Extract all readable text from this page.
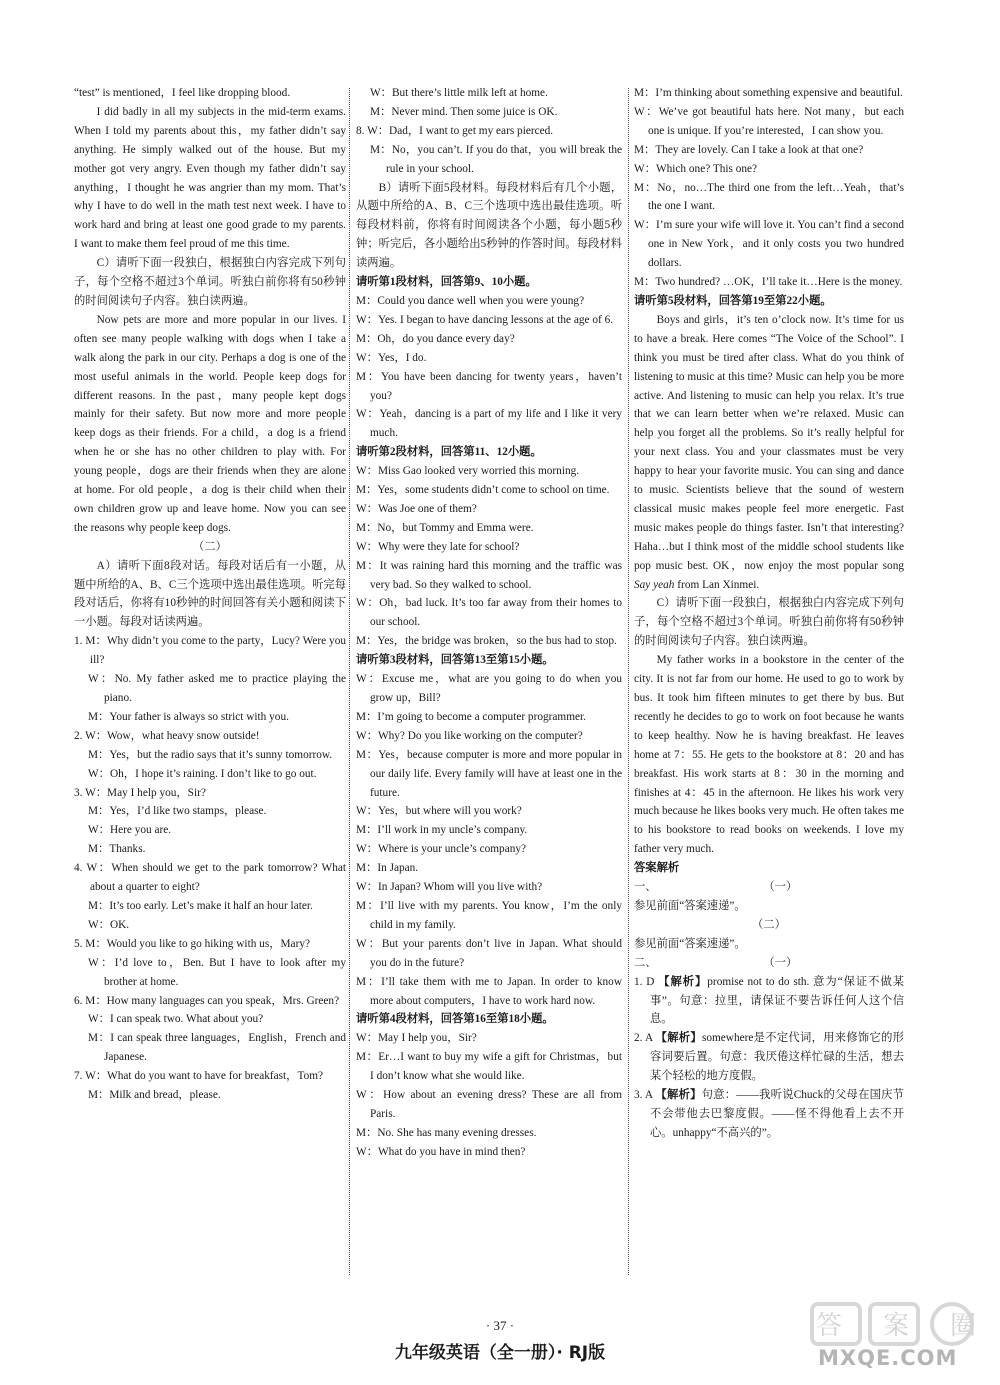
“test” is mentioned，I feel like dropping blood.

I did badly in all my subjects in the mid-term exams. When I told my parents about this，my father didn’t say anything. He simply walked out of the house. But my mother got very angry. Even though my father didn’t say anything，I thought he was angrier than my mom. That’s why I have to do well in the math test next week. I have to work hard and bring at least one good grade to my parents. I want to make them feel proud of me this time.

C）请听下面一段独白，根据独白内容完成下列句子，每个空格不超过3个单词。听独白前你将有50秒钟的时间阅读句子内容。独白读两遍。

Now pets are more and more popular in our lives. I often see many people walking with dogs when I take a walk along the park in our city. Perhaps a dog is one of the most useful animals in the world. People keep dogs for different reasons. In the past，many people kept dogs mainly for their safety. But now more and more people keep dogs as their friends. For a child，a dog is a friend when he or she has no other children to play with. For young people，dogs are their friends when they are alone at home. For old people，a dog is their child when their own children grow up and leave home. Now you can see the reasons why people keep dogs.

（二）

A）请听下面8段对话。每段对话后有一小题，从题中所给的A、B、C三个选项中选出最佳选项。听完每段对话后，你将有10秒钟的时间回答有关小题和阅读下一小题。每段对话读两遍。

1. M：Why didn’t you come to the party，Lucy? Were you ill?

W：No. My father asked me to practice playing the piano.

M：Your father is always so strict with you.

2. W：Wow，what heavy snow outside!

M：Yes，but the radio says that it’s sunny tomorrow.

W：Oh，I hope it’s raining. I don’t like to go out.

3. W：May I help you，Sir?

M：Yes，I’d like two stamps，please.

W：Here you are.

M：Thanks.

4. W：When should we get to the park tomorrow? What about a quarter to eight?

M：It’s too early. Let’s make it half an hour later.

W：OK.

5. M：Would you like to go hiking with us，Mary?

W：I’d love to，Ben. But I have to look after my brother at home.

6. M：How many languages can you speak，Mrs. Green?

W：I can speak two. What about you?

M：I can speak three languages，English，French and Japanese.

7. W：What do you want to have for breakfast，Tom?

M：Milk and bread，please.

W：But there’s little milk left at home.

M：Never mind. Then some juice is OK.

8. W：Dad，I want to get my ears pierced.

M：No，you can’t. If you do that，you will break the rule in your school.

B）请听下面5段材料。每段材料后有几个小题，从题中所给的A、B、C三个选项中选出最佳选项。听每段材料前，你将有时间阅读各个小题，每小题5秒钟；听完后，各小题给出5秒钟的作答时间。每段材料读两遍。

请听第1段材料，回答第9、10小题。

M：Could you dance well when you were young?

W：Yes. I began to have dancing lessons at the age of 6.

M：Oh，do you dance every day?

W：Yes，I do.

M：You have been dancing for twenty years，haven’t you?

W：Yeah，dancing is a part of my life and I like it very much.

请听第2段材料，回答第11、12小题。

W：Miss Gao looked very worried this morning.

M：Yes，some students didn’t come to school on time.

W：Was Joe one of them?

M：No，but Tommy and Emma were.

W：Why were they late for school?

M：It was raining hard this morning and the traffic was very bad. So they walked to school.

W：Oh，bad luck. It’s too far away from their homes to our school.

M：Yes，the bridge was broken，so the bus had to stop.

请听第3段材料，回答第13至第15小题。

W：Excuse me，what are you going to do when you grow up，Bill?

M：I’m going to become a computer programmer.

W：Why? Do you like working on the computer?

M：Yes，because computer is more and more popular in our daily life. Every family will have at least one in the future.

W：Yes，but where will you work?

M：I’ll work in my uncle’s company.

W：Where is your uncle’s company?

M：In Japan.

W：In Japan? Whom will you live with?

M：I’ll live with my parents. You know，I’m the only child in my family.

W：But your parents don’t live in Japan. What should you do in the future?

M：I’ll take them with me to Japan. In order to know more about computers，I have to work hard now.

请听第4段材料，回答第16至第18小题。

W：May I help you，Sir?

M：Er…I want to buy my wife a gift for Christmas，but I don’t know what she would like.

W：How about an evening dress? These are all from Paris.

M：No. She has many evening dresses.

W：What do you have in mind then?

M：I’m thinking about something expensive and beautiful.

W：We’ve got beautiful hats here. Not many，but each one is unique. If you’re interested，I can show you.

M：They are lovely. Can I take a look at that one?

W：Which one? This one?

M：No，no…The third one from the left…Yeah，that’s the one I want.

W：I’m sure your wife will love it. You can’t find a second one in New York，and it only costs you two hundred dollars.

M：Two hundred? …OK，I’ll take it…Here is the money.

请听第5段材料，回答第19至第22小题。

Boys and girls，it’s ten o’clock now. It’s time for us to have a break. Here comes “The Voice of the School”. I think you must be tired after class. What do you think of listening to music at this time? Music can help you be more active. And listening to music can help you relax. It’s true that we can learn better when we’re relaxed. Music can help you forget all the problems. So it’s really helpful for your next class. You and your classmates must be very happy to hear your favorite music. You can sing and dance to music. Scientists believe that the sound of western classical music makes people feel more energetic. Fast music makes people do things faster. Isn’t that interesting? Haha…but I think most of the middle school students like pop music best. OK，now enjoy the most popular song Say yeah from Lan Xinmei.

C）请听下面一段独白，根据独白内容完成下列句子，每个空格不超过3个单词。听独白前你将有50秒钟的时间阅读句子内容。独白读两遍。

My father works in a bookstore in the center of the city. It is not far from our home. He used to go to work by bus. It took him fifteen minutes to get there by bus. But recently he decides to go to work on foot because he wants to keep healthy. Now he is having breakfast. He leaves home at 7：55. He gets to the bookstore at 8：20 and has breakfast. His work starts at 8：30 in the morning and finishes at 4：45 in the afternoon. He likes his work very much because he likes books very much. He often takes me to his bookstore to read books on weekends. I love my father very much.

答案解析

一、	（一）

参见前面“答案速递”。

（二）

参见前面“答案速递”。

二、	（一）

1. D 【解析】promise not to do sth. 意为“保证不做某事”。句意：拉里，请保证不要告诉任何人这个信息。

2. A 【解析】somewhere是不定代词，用来修饰它的形容词要后置。句意：我厌倦这样忙碌的生活，想去某个轻松的地方度假。

3. A 【解析】句意：——我听说Chuck的父母在国庆节不会带他去巴黎度假。——怪不得他看上去不开心。unhappy“不高兴的”。

· 37 ·
九年级英语（全一册）· RJ版
答案圈
MXQE.COM
